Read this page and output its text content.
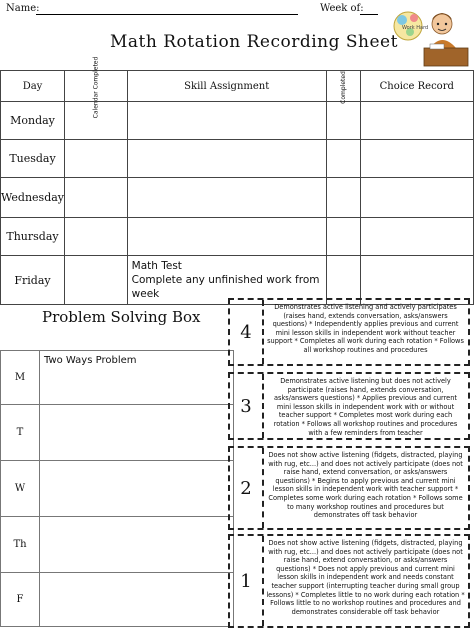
Name:	Week of:
Math Rotation Recording Sheet
Work Hard
Day	Calendar Completed	Skill Assignment	Completed	Choice Record
Monday				
Tuesday				
Wednesday				
Thursday				
Friday		Math Test
Complete any unfinished work from week		
Problem Solving Box
M	Two Ways Problem
T	
W	
Th	
F	
4
Demonstrates active listening and actively participates (raises hand, extends conversation, asks/answers questions) * Independently applies previous and current mini lesson skills in independent work without teacher support * Completes all work during each rotation * Follows all workshop routines and procedures
3
Demonstrates active listening but does not actively participate (raises hand, extends conversation, asks/answers questions) * Applies previous and current mini lesson skills in independent work with or without teacher support * Completes most work during each rotation * Follows all workshop routines and procedures with a few reminders from teacher
2
Does not show active listening (fidgets, distracted, playing with rug, etc...) and does not actively participate (does not raise hand, extend conversation, or asks/answers questions) * Begins to apply previous and current mini lesson skills in independent work with teacher support * Completes some work during each rotation * Follows some to many workshop routines and procedures but demonstrates off task behavior
1
Does not show active listening (fidgets, distracted, playing with rug, etc...) and does not actively participate (does not raise hand, extend conversation, or asks/answers questions) * Does not apply previous and current mini lesson skills in independent work and needs constant teacher support (interrupting teacher during small group lessons) * Completes little to no work during each rotation * Follows little to no workshop routines and procedures and demonstrates considerable off task behavior
